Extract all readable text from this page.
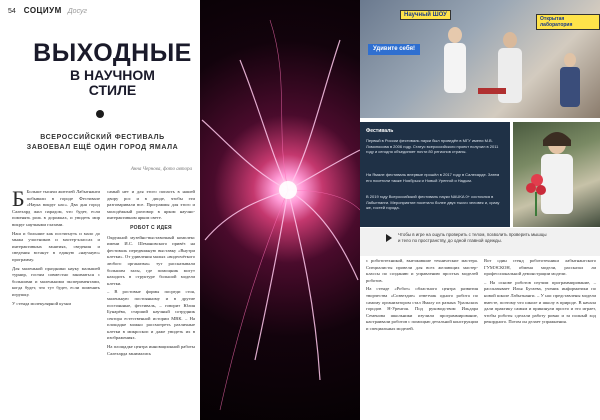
54 СОЦИУМ Досуг
ВЫХОДНЫЕ
В НАУЧНОМ
СТИЛЕ
ВСЕРОССИЙСКИЙ ФЕСТИВАЛЬ ЗАВОЕВАЛ ЕЩЁ ОДИН ГОРОД ЯМАЛА
Анна Чернова, фото автора

Б Больше тысячи жителей Лабытнанги побывали в городе Фестивале «Наука вокруг нас». Два дня город Салехард жил парадом, что будет, если поменять роль в дорожках, и увидеть мир вокруг научными глазами.

Наш и большие как постигнуть и мало до мыжа участников и мастер-классах и интерактивных занятиях, сведения и сведения встанут в единую «научную» программу.

Для маленькой праздники науку малышей турнир, гостям совместно заниматься с большими и маленькими экспериментами, когда будет, что тут будет, если поменять игрушку.

У стенда молекулярной кухни

самый нет и для этого попасть в нашей двору рос и в диоде, чтобы эти разговаривали все. Программы для этого и молодёжный разговор в ярком научно-интерактивном ярком свете.

РОБОТ С ИДЕЯ

Окружной музейно-выставочный комплекс имени И.С. Шемановского привёз на фестиваль передвижную выставку «Внутри клетки». От удивления малых «видеочёткого любого организма» тут рассказывали большим залы, где помощник могут находить в структуре большой модели клетки.

– В ростовые формы посреди стоя, маленькую постоянному и в другие постоянные, фестиваль, – говорит Юлия Бунарёва, старший научный сотрудник сектора естественной истории МВК. – На площадке можно рассмотреть различные клетки в микроскоп и даже увидеть их в изображениях.

На площадке центра инновационной работы Салехарда занимались

Научный ШОУ
Удивите себя!
Открытая лаборатория
Фестиваль
Первый в России фестиваль науки был проведён в МГУ имени М.В. Ломоносова в 2006 году. Статус всероссийского проект получил в 2011 году и сегодня объединяет почти 80 регионов страны.
На Ямале фестиваль впервые прошёл в 2017 году в Салехарде. Затем его посетили также Ноябрьск и Новый Уренгой и Надым.
В 2019 году Всероссийский фестиваль науки NAUKA 0+ состоялся в Лабытнанги. Мероприятие посетило более двух тысяч человек и, сразу же, гостей города.
Чтобы в игре на ощупь проверить с телом, позволить проверить мышцы и тело по пространству, до одной главной одежды.

с робототехникой, выезжавшие технические мастера. Специалисты провели для всех желающих мастер-классы по созданию и управлению простых моделей роботов.

На стенде «Робот» областного центра развития творчества «Созвездие» ответчик одного робота по самому организатором стал Ямалу из разных Уральских городов Н-Уренгоя. Под руководством Ильдара Семенова школьники изучили программирование, настраивали роботов с помощью детальной конструкции и специальных моделей.

Вот один стенд робототехники лабытнангского ГУМЭСКОН, обмена модели, рассказал ли профессиональной демонстрации модели.

– На основе роботов изучим программирование, – рассказывает Илья Бугаева, ученик информатики по новой школе Лабытнанги. – У нас представлены модели вместе, поэтому что школе и школу в природе. В начала дали практику самым и прикинули просто и это играет, чтобы роботы сделали работу ровно и за полный ход рекордного. Потом он делает упражнения.
